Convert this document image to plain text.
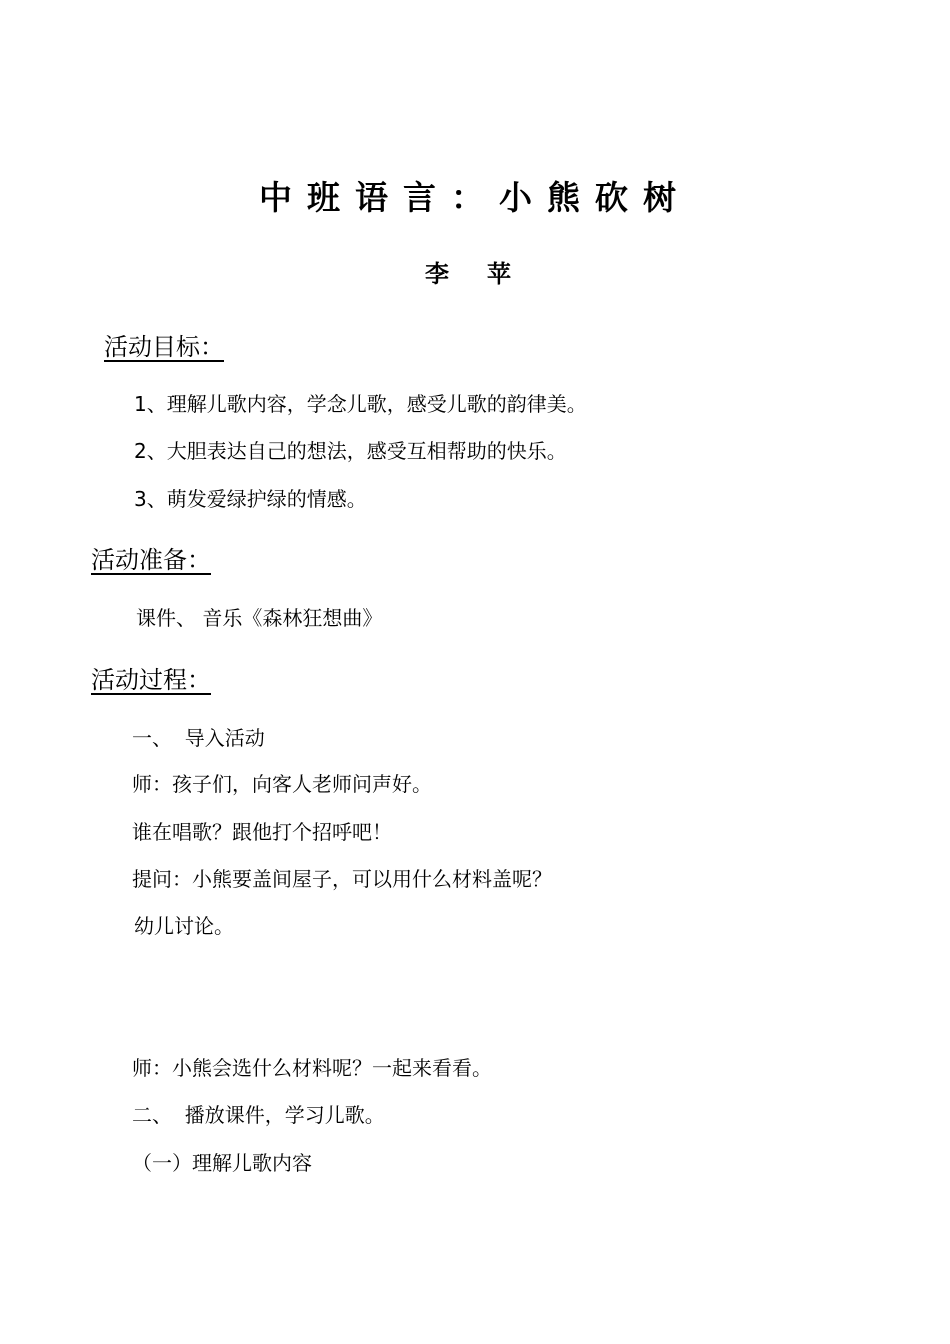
中班语言：小熊砍树
李苹
活动目标：
1、理解儿歌内容，学念儿歌，感受儿歌的韵律美。
2、大胆表达自己的想法，感受互相帮助的快乐。
3、萌发爱绿护绿的情感。
活动准备：
课件、 音乐《森林狂想曲》
活动过程：
一、  导入活动
师：孩子们，向客人老师问声好。
谁在唱歌？跟他打个招呼吧！
提问：小熊要盖间屋子，可以用什么材料盖呢？
幼儿讨论。
师：小熊会选什么材料呢？一起来看看。
二、  播放课件，学习儿歌。
（一）理解儿歌内容
